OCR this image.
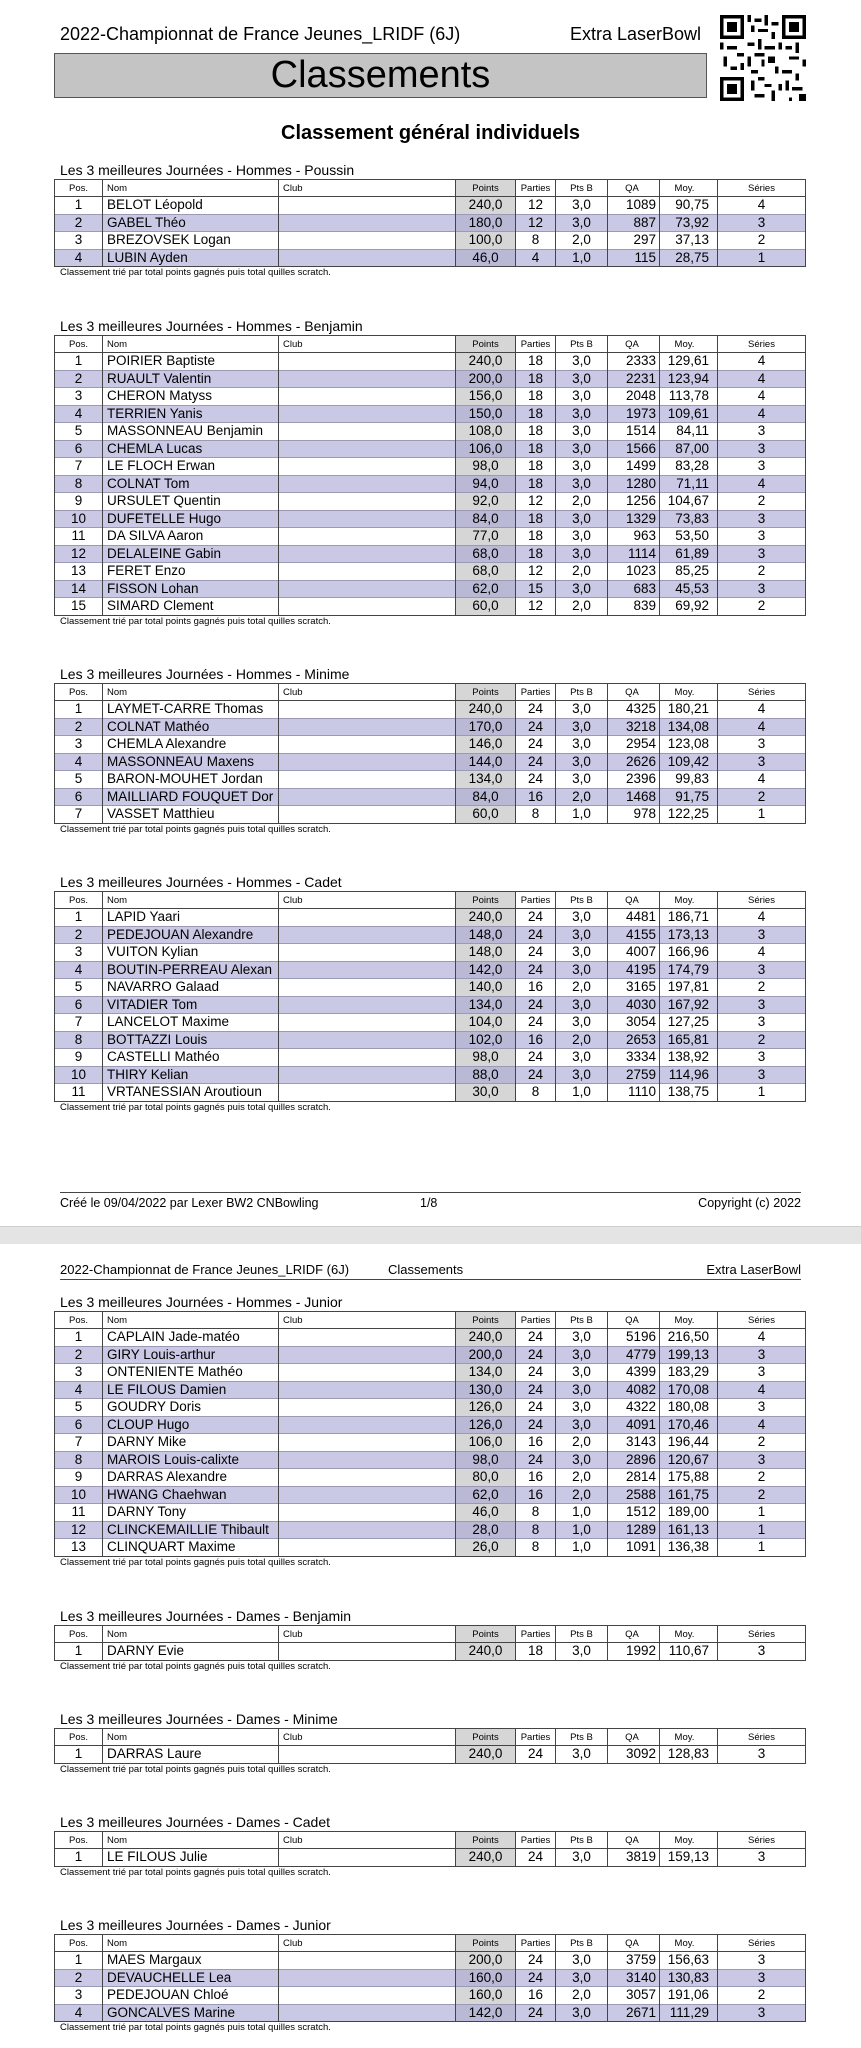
2022-Championnat de France Jeunes_LRIDF (6J)	Extra LaserBowl
Classements
Classement général individuels
Les 3 meilleures Journées - Hommes - Poussin
Pos.	Nom	Club	Points	Parties	Pts B	QA	Moy.	Séries
1	BELOT Léopold		240,0	12	3,0	1089	90,75	4
2	GABEL Théo		180,0	12	3,0	887	73,92	3
3	BREZOVSEK Logan		100,0	8	2,0	297	37,13	2
4	LUBIN Ayden		46,0	4	1,0	115	28,75	1
Classement trié par total points gagnés puis total quilles scratch.
Les 3 meilleures Journées - Hommes - Benjamin
Pos.	Nom	Club	Points	Parties	Pts B	QA	Moy.	Séries
1	POIRIER Baptiste		240,0	18	3,0	2333	129,61	4
2	RUAULT Valentin		200,0	18	3,0	2231	123,94	4
3	CHERON Matyss		156,0	18	3,0	2048	113,78	4
4	TERRIEN Yanis		150,0	18	3,0	1973	109,61	4
5	MASSONNEAU Benjamin		108,0	18	3,0	1514	84,11	3
6	CHEMLA Lucas		106,0	18	3,0	1566	87,00	3
7	LE FLOCH Erwan		98,0	18	3,0	1499	83,28	3
8	COLNAT Tom		94,0	18	3,0	1280	71,11	4
9	URSULET Quentin		92,0	12	2,0	1256	104,67	2
10	DUFETELLE Hugo		84,0	18	3,0	1329	73,83	3
11	DA SILVA Aaron		77,0	18	3,0	963	53,50	3
12	DELALEINE Gabin		68,0	18	3,0	1114	61,89	3
13	FERET Enzo		68,0	12	2,0	1023	85,25	2
14	FISSON Lohan		62,0	15	3,0	683	45,53	3
15	SIMARD Clement		60,0	12	2,0	839	69,92	2
Classement trié par total points gagnés puis total quilles scratch.
Les 3 meilleures Journées - Hommes - Minime
Pos.	Nom	Club	Points	Parties	Pts B	QA	Moy.	Séries
1	LAYMET-CARRE Thomas		240,0	24	3,0	4325	180,21	4
2	COLNAT Mathéo		170,0	24	3,0	3218	134,08	4
3	CHEMLA Alexandre		146,0	24	3,0	2954	123,08	3
4	MASSONNEAU Maxens		144,0	24	3,0	2626	109,42	3
5	BARON-MOUHET Jordan		134,0	24	3,0	2396	99,83	4
6	MAILLIARD FOUQUET Dor		84,0	16	2,0	1468	91,75	2
7	VASSET Matthieu		60,0	8	1,0	978	122,25	1
Classement trié par total points gagnés puis total quilles scratch.
Les 3 meilleures Journées - Hommes - Cadet
Pos.	Nom	Club	Points	Parties	Pts B	QA	Moy.	Séries
1	LAPID Yaari		240,0	24	3,0	4481	186,71	4
2	PEDEJOUAN Alexandre		148,0	24	3,0	4155	173,13	3
3	VUITON Kylian		148,0	24	3,0	4007	166,96	4
4	BOUTIN-PERREAU Alexan		142,0	24	3,0	4195	174,79	3
5	NAVARRO Galaad		140,0	16	2,0	3165	197,81	2
6	VITADIER Tom		134,0	24	3,0	4030	167,92	3
7	LANCELOT Maxime		104,0	24	3,0	3054	127,25	3
8	BOTTAZZI Louis		102,0	16	2,0	2653	165,81	2
9	CASTELLI Mathéo		98,0	24	3,0	3334	138,92	3
10	THIRY Kelian		88,0	24	3,0	2759	114,96	3
11	VRTANESSIAN Aroutioun		30,0	8	1,0	1110	138,75	1
Classement trié par total points gagnés puis total quilles scratch.
Créé le 09/04/2022 par Lexer BW2 CNBowling	1/8	Copyright (c) 2022
2022-Championnat de France Jeunes_LRIDF (6J)	Classements	Extra LaserBowl
Les 3 meilleures Journées - Hommes - Junior
Pos.	Nom	Club	Points	Parties	Pts B	QA	Moy.	Séries
1	CAPLAIN Jade-matéo		240,0	24	3,0	5196	216,50	4
2	GIRY Louis-arthur		200,0	24	3,0	4779	199,13	3
3	ONTENIENTE Mathéo		134,0	24	3,0	4399	183,29	3
4	LE FILOUS Damien		130,0	24	3,0	4082	170,08	4
5	GOUDRY Doris		126,0	24	3,0	4322	180,08	3
6	CLOUP Hugo		126,0	24	3,0	4091	170,46	4
7	DARNY Mike		106,0	16	2,0	3143	196,44	2
8	MAROIS Louis-calixte		98,0	24	3,0	2896	120,67	3
9	DARRAS Alexandre		80,0	16	2,0	2814	175,88	2
10	HWANG Chaehwan		62,0	16	2,0	2588	161,75	2
11	DARNY Tony		46,0	8	1,0	1512	189,00	1
12	CLINCKEMAILLIE Thibault		28,0	8	1,0	1289	161,13	1
13	CLINQUART Maxime		26,0	8	1,0	1091	136,38	1
Classement trié par total points gagnés puis total quilles scratch.
Les 3 meilleures Journées - Dames - Benjamin
Pos.	Nom	Club	Points	Parties	Pts B	QA	Moy.	Séries
1	DARNY Evie		240,0	18	3,0	1992	110,67	3
Classement trié par total points gagnés puis total quilles scratch.
Les 3 meilleures Journées - Dames - Minime
Pos.	Nom	Club	Points	Parties	Pts B	QA	Moy.	Séries
1	DARRAS Laure		240,0	24	3,0	3092	128,83	3
Classement trié par total points gagnés puis total quilles scratch.
Les 3 meilleures Journées - Dames - Cadet
Pos.	Nom	Club	Points	Parties	Pts B	QA	Moy.	Séries
1	LE FILOUS Julie		240,0	24	3,0	3819	159,13	3
Classement trié par total points gagnés puis total quilles scratch.
Les 3 meilleures Journées - Dames - Junior
Pos.	Nom	Club	Points	Parties	Pts B	QA	Moy.	Séries
1	MAES Margaux		200,0	24	3,0	3759	156,63	3
2	DEVAUCHELLE Lea		160,0	24	3,0	3140	130,83	3
3	PEDEJOUAN Chloé		160,0	16	2,0	3057	191,06	2
4	GONCALVES Marine		142,0	24	3,0	2671	111,29	3
Classement trié par total points gagnés puis total quilles scratch.
